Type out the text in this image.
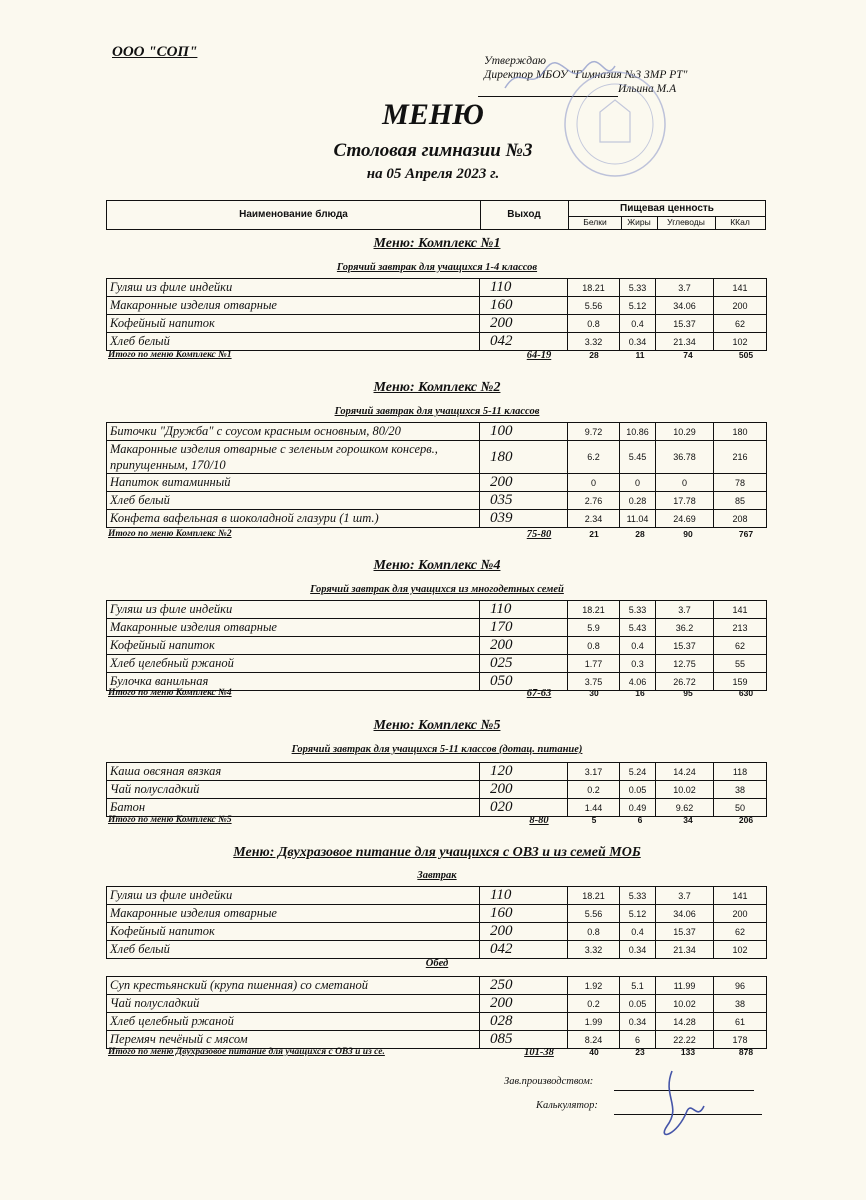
ООО "СОП"
Утверждаю
Директор МБОУ "Гимназия №3 ЗМР РТ"
Ильина М.А
МЕНЮ
Столовая гимназии №3
на 05 Апреля 2023 г.
Наименование блюда	Выход
Пищевая ценность
Белки	Жиры	Углеводы	ККал
Меню: Комплекс №1
Горячий завтрак для учащихся 1-4 классов
Гуляш из филе индейки	110	18.21	5.33	3.7	141
Макаронные изделия отварные	160	5.56	5.12	34.06	200
Кофейный напиток	200	0.8	0.4	15.37	62
Хлеб белый	042	3.32	0.34	21.34	102
Итого по меню Комплекс №1	64-19	28	11	74	505
Меню: Комплекс №2
Горячий завтрак для учащихся 5-11 классов
Биточки "Дружба" с соусом красным основным, 80/20	100	9.72	10.86	10.29	180
Макаронные изделия отварные с зеленым горошком консерв., припущенным, 170/10	180	6.2	5.45	36.78	216
Напиток витаминный	200	0	0	0	78
Хлеб белый	035	2.76	0.28	17.78	85
Конфета вафельная в шоколадной глазури (1 шт.)	039	2.34	11.04	24.69	208
Итого по меню Комплекс №2	75-80	21	28	90	767
Меню: Комплекс №4
Горячий завтрак для учащихся из многодетных семей
Гуляш из филе индейки	110	18.21	5.33	3.7	141
Макаронные изделия отварные	170	5.9	5.43	36.2	213
Кофейный напиток	200	0.8	0.4	15.37	62
Хлеб целебный ржаной	025	1.77	0.3	12.75	55
Булочка ванильная	050	3.75	4.06	26.72	159
Итого по меню Комплекс №4	67-63	30	16	95	630
Меню: Комплекс №5
Горячий завтрак для учащихся 5-11 классов (дотац. питание)
Каша овсяная вязкая	120	3.17	5.24	14.24	118
Чай полусладкий	200	0.2	0.05	10.02	38
Батон	020	1.44	0.49	9.62	50
Итого по меню Комплекс №5	8-80	5	6	34	206
Меню: Двухразовое питание для учащихся с ОВЗ и из семей МОБ
Завтрак
Гуляш из филе индейки	110	18.21	5.33	3.7	141
Макаронные изделия отварные	160	5.56	5.12	34.06	200
Кофейный напиток	200	0.8	0.4	15.37	62
Хлеб белый	042	3.32	0.34	21.34	102
Обед
Суп крестьянский (крупа пшенная) со сметаной	250	1.92	5.1	11.99	96
Чай полусладкий	200	0.2	0.05	10.02	38
Хлеб целебный ржаной	028	1.99	0.34	14.28	61
Перемяч печёный с мясом	085	8.24	6	22.22	178
Итого по меню Двухразовое питание для учащихся с ОВЗ и из се.	101-38	40	23	133	878
Зав.производством:
Калькулятор:
